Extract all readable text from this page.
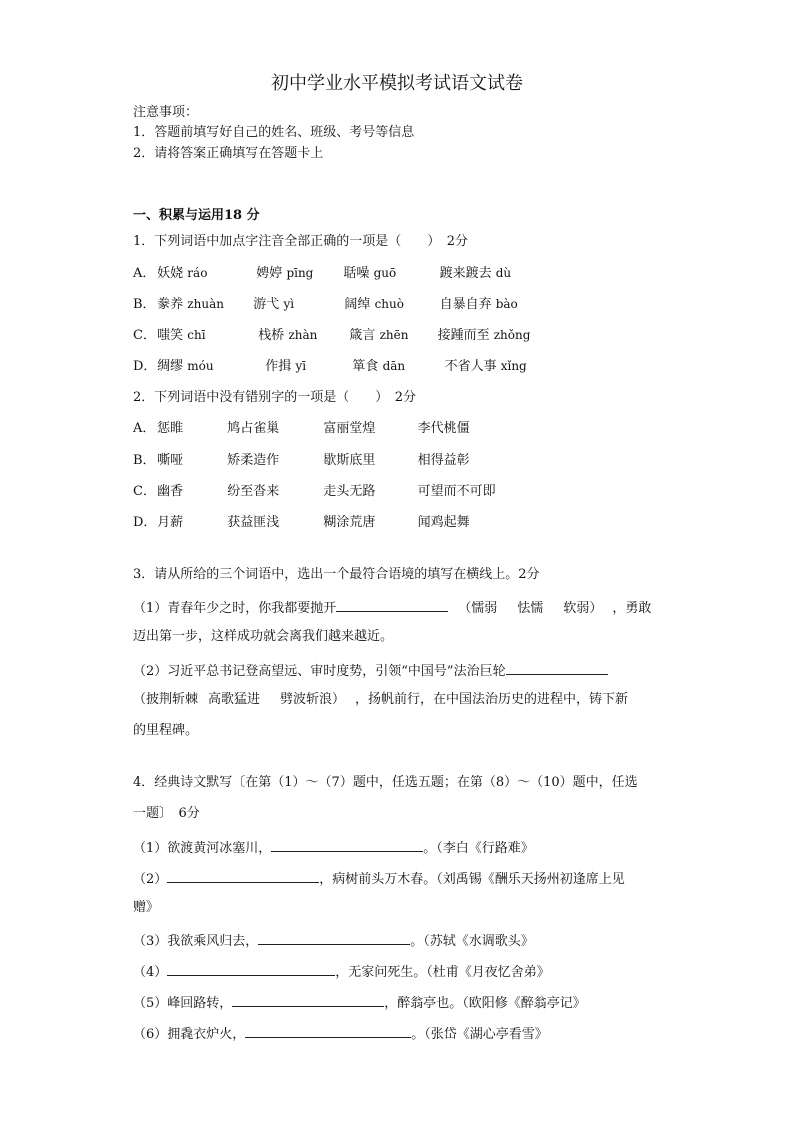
初中学业水平模拟考试语文试卷
注意事项：
1．答题前填写好自己的姓名、班级、考号等信息
2．请将答案正确填写在答题卡上
一、积累与运用18 分
1．下列词语中加点字注音全部正确的一项是（　　）　2分
A． 妖娆 ráo	娉婷 pīng 聒噪 guō	踱来踱去 dù
B． 豢养 zhuàn 游弋 yì	阔绰 chuò	自暴自弃 bào
C． 嗤笑 chī	栈桥 zhàn 箴言 zhēn 接踵而至 zhǒng
D． 绸缪 móu	作揖 yī	箪食 dān	不省人事 xǐng
2．下列词语中没有错别字的一项是（　　）　2分
A． 惩睢	鸠占雀巢	富丽堂煌	李代桃僵
B． 嘶哑	矫柔造作	歇斯底里	相得益彰
C． 幽香	纷至沓来	走头无路	可望而不可即
D． 月薪	获益匪浅	糊涂荒唐	闻鸡起舞
3．请从所给的三个词语中，选出一个最符合语境的填写在横线上。2分
（1）青春年少之时，你我都要抛开	（懦弱 怯懦 软弱） ，勇敢
迈出第一步，这样成功就会离我们越来越近。
（2）习近平总书记登高望远、审时度势，引领“中国号”法治巨轮
（披荆斩棘 高歌猛进 劈波斩浪） ，扬帆前行，在中国法治历史的进程中，铸下新
的里程碑。
4．经典诗文默写〔在第（1）～（7）题中，任选五题；在第（8）～（10）题中，任选
一题〕　6分
（1）欲渡黄河冰塞川，	。（李白《行路难》
（2）	，病树前头万木春。（刘禹锡《酬乐天扬州初逢席上见
赠》
（3）我欲乘风归去，	。（苏轼《水调歌头》
（4）	，无家问死生。（杜甫《月夜忆舍弟》
（5）峰回路转，	，醉翁亭也。（欧阳修《醉翁亭记》
（6）拥毳衣炉火，	。（张岱《湖心亭看雪》
